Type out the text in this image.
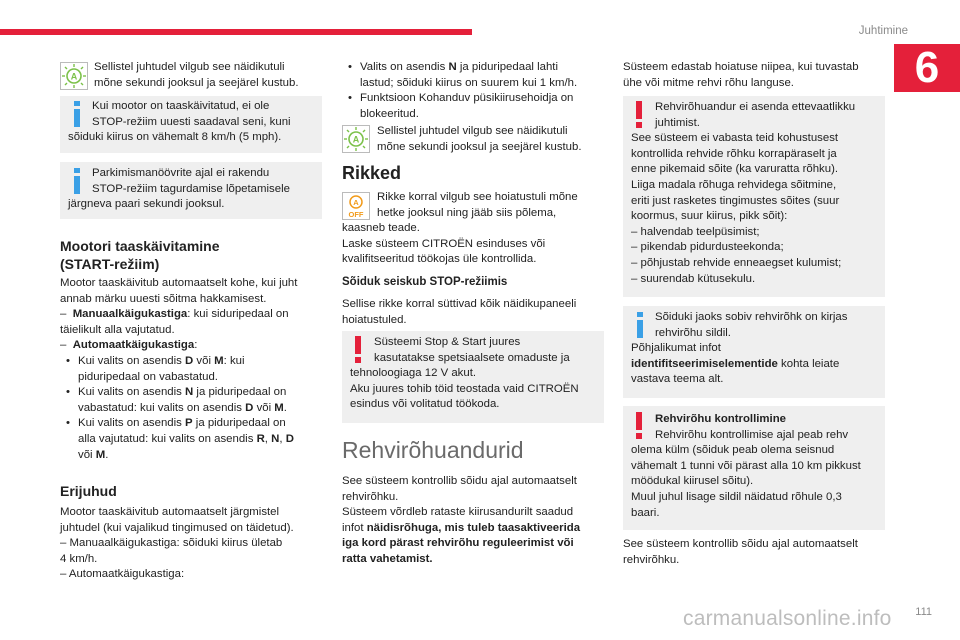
Juhtimine
6
A
Sellistel juhtudel vilgub see näidikutuli
mõne sekundi jooksul ja seejärel kustub.
Kui mootor on taaskäivitatud, ei ole
STOP-režiim uuesti saadaval seni, kuni
sõiduki kiirus on vähemalt 8 km/h (5 mph).
Parkimismanöövrite ajal ei rakendu
STOP-režiim tagurdamise lõpetamisele
järgneva paari sekundi jooksul.
Mootori taaskäivitamine
(START-režiim)
Mootor taaskäivitub automaatselt kohe, kui juht
annab märku uuesti sõitma hakkamisest.
– Manuaalkäigukastiga: kui siduripedaal on
täielikult alla vajutatud.
– Automaatkäigukastiga:
• Kui valits on asendis D või M: kui
piduripedaal on vabastatud.
• Kui valits on asendis N ja piduripedaal on
vabastatud: kui valits on asendis D või M.
• Kui valits on asendis P ja piduripedaal on
alla vajutatud: kui valits on asendis R, N, D
või M.
Erijuhud
Mootor taaskäivitub automaatselt järgmistel
juhtudel (kui vajalikud tingimused on täidetud).
– Manuaalkäigukastiga: sõiduki kiirus ületab
4 km/h.
– Automaatkäigukastiga:
• Valits on asendis N ja piduripedaal lahti
lastud; sõiduki kiirus on suurem kui 1 km/h.
• Funktsioon Kohanduv püsikiirusehoidja on
blokeeritud.
A
Sellistel juhtudel vilgub see näidikutuli
mõne sekundi jooksul ja seejärel kustub.
Rikked
A
OFF
Rikke korral vilgub see hoiatustuli mõne
hetke jooksul ning jääb siis põlema,
kaasneb teade.
Laske süsteem CITROËN esinduses või
kvalifitseeritud töökojas üle kontrollida.
Sõiduk seiskub STOP-režiimis
Sellise rikke korral süttivad kõik näidikupaneeli
hoiatustuled.
Süsteemi Stop & Start juures
kasutatakse spetsiaalsete omaduste ja
tehnoloogiaga 12 V akut.
Aku juures tohib töid teostada vaid CITROËN
esindus või volitatud töökoda.
Rehvirõhuandurid
See süsteem kontrollib sõidu ajal automaatselt
rehvirõhku.
Süsteem võrdleb rataste kiirusandurilt saadud
infot näidisrõhuga, mis tuleb taasaktiveerida
iga kord pärast rehvirõhu reguleerimist või
ratta vahetamist.
Süsteem edastab hoiatuse niipea, kui tuvastab
ühe või mitme rehvi rõhu languse.
Rehvirõhuandur ei asenda ettevaatlikku
juhtimist.
See süsteem ei vabasta teid kohustusest
kontrollida rehvide rõhku korrapäraselt ja
enne pikemaid sõite (ka varuratta rõhku).
Liiga madala rõhuga rehvidega sõitmine,
eriti just rasketes tingimustes sõites (suur
koormus, suur kiirus, pikk sõit):
– halvendab teelpüsimist;
– pikendab pidurdusteekonda;
– põhjustab rehvide enneaegset kulumist;
– suurendab kütusekulu.
Sõiduki jaoks sobiv rehvirõhk on kirjas
rehvirõhu sildil.
Põhjalikumat infot
identifitseerimiselementide kohta leiate
vastava teema alt.
Rehvirõhu kontrollimine
Rehvirõhu kontrollimise ajal peab rehv
olema külm (sõiduk peab olema seisnud
vähemalt 1 tunni või pärast alla 10 km pikkust
möödukal kiirusel sõitu).
Muul juhul lisage sildil näidatud rõhule 0,3
baari.
See süsteem kontrollib sõidu ajal automaatselt
rehvirõhku.
carmanualsonline.info	111
